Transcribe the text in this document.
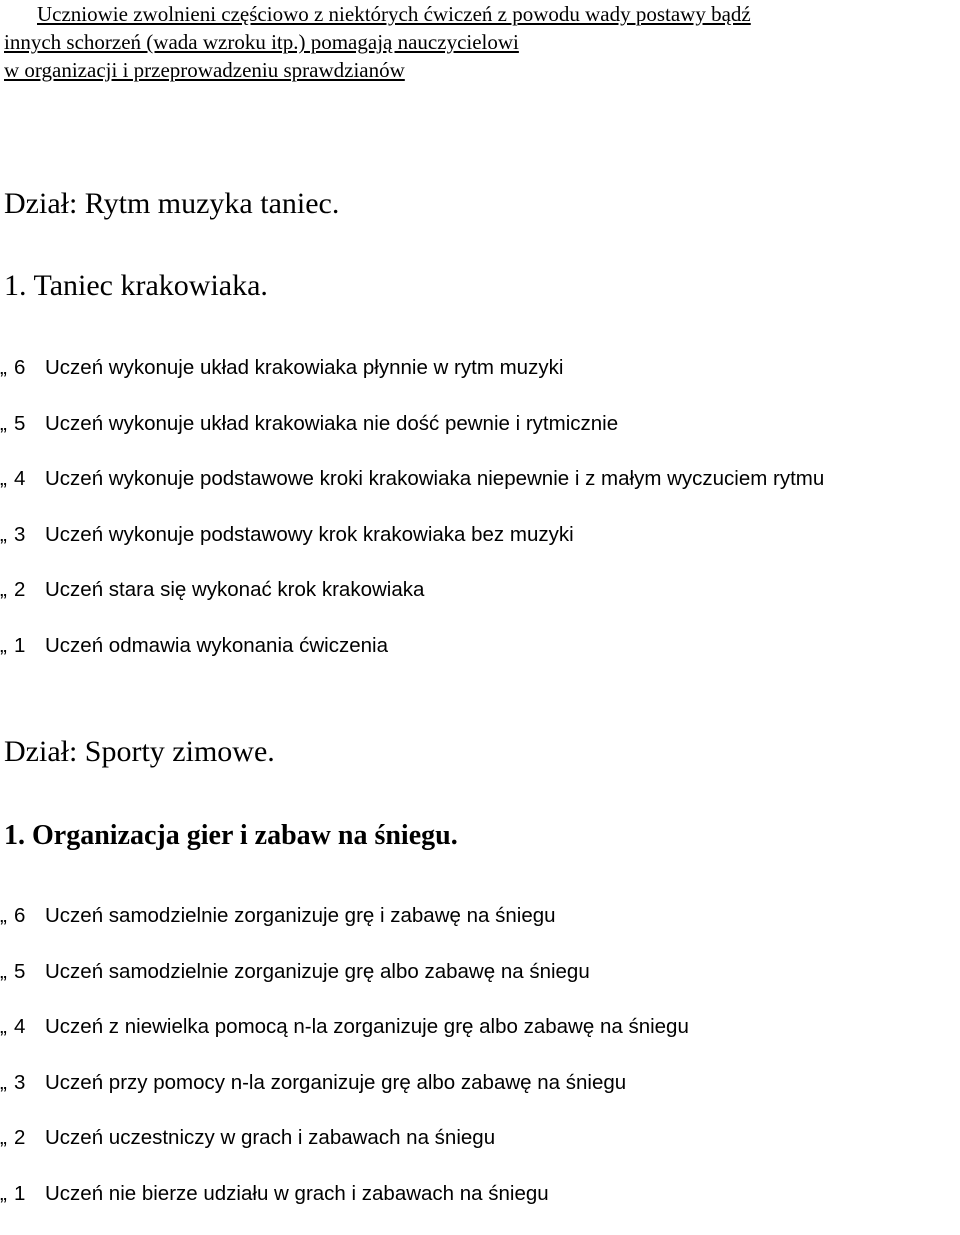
Uczniowie zwolnieni częściowo z niektórych ćwiczeń z powodu wady postawy bądź
innych schorzeń (wada wzroku itp.) pomagają nauczycielowi
w organizacji i przeprowadzeniu sprawdzianów
Dział: Rytm muzyka taniec.
1. Taniec krakowiaka.
„ 6 Uczeń wykonuje układ krakowiaka płynnie w rytm muzyki
„ 5 Uczeń wykonuje układ krakowiaka nie dość pewnie i rytmicznie
„ 4 Uczeń wykonuje podstawowe kroki krakowiaka niepewnie i z małym wyczuciem rytmu
„ 3 Uczeń wykonuje podstawowy krok krakowiaka bez muzyki
„ 2 Uczeń stara się wykonać krok krakowiaka
„ 1 Uczeń odmawia wykonania ćwiczenia
Dział: Sporty zimowe.
1. Organizacja gier i zabaw na śniegu.
„ 6 Uczeń samodzielnie zorganizuje grę i zabawę na śniegu
„ 5 Uczeń samodzielnie zorganizuje grę albo zabawę na śniegu
„ 4 Uczeń z niewielka pomocą n-la zorganizuje grę albo zabawę na śniegu
„ 3 Uczeń przy pomocy n-la zorganizuje grę albo zabawę na śniegu
„ 2 Uczeń uczestniczy w grach i zabawach na śniegu
„ 1 Uczeń nie bierze udziału w grach i zabawach na śniegu
